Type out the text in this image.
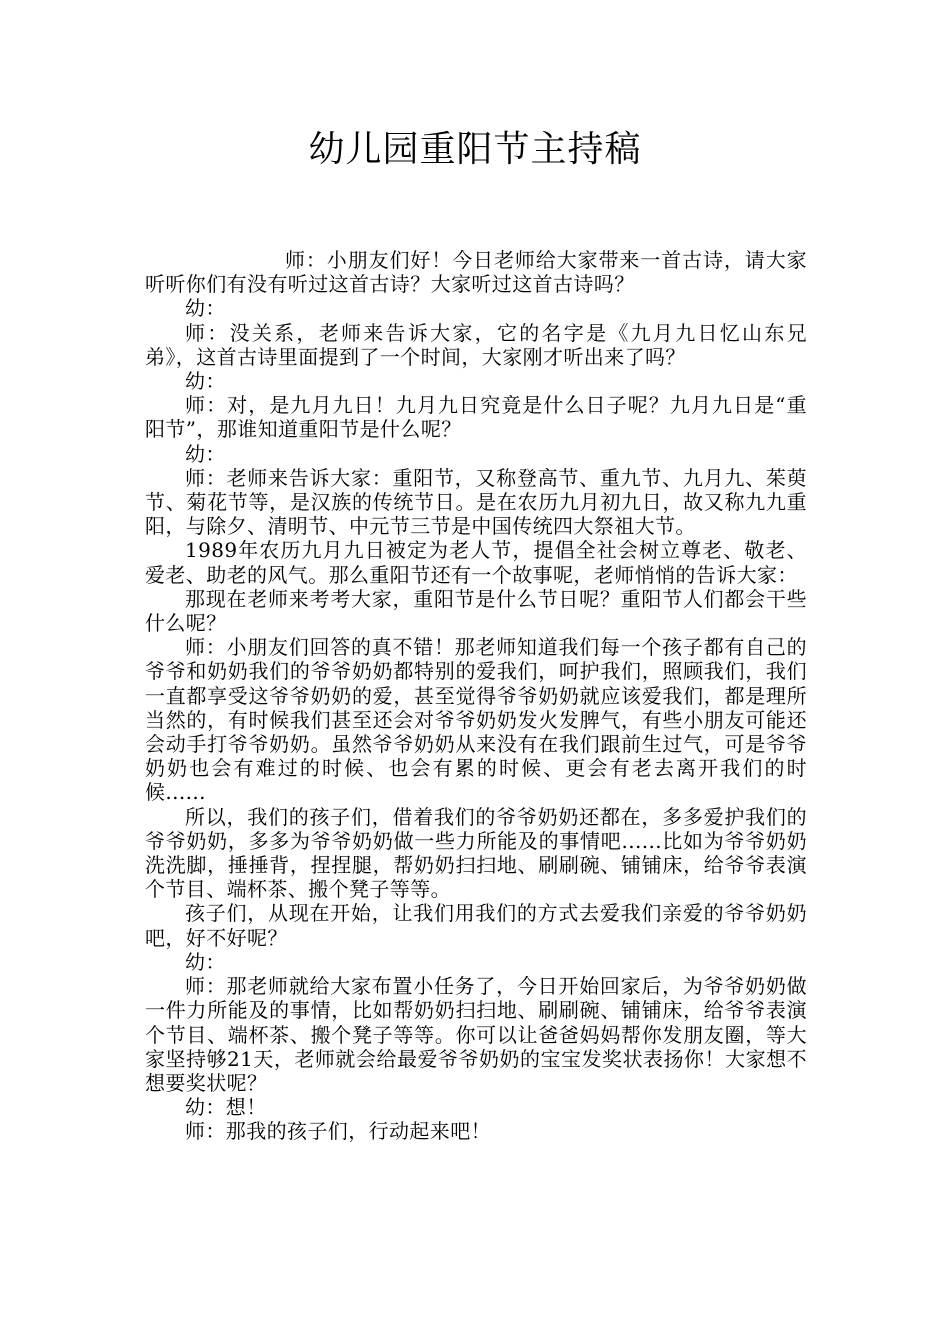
幼儿园重阳节主持稿

师：小朋友们好！今日老师给大家带来一首古诗，请大家听听你们有没有听过这首古诗？大家听过这首古诗吗？

幼：

师：没关系，老师来告诉大家，它的名字是《九月九日忆山东兄弟》，这首古诗里面提到了一个时间，大家刚才听出来了吗？

幼：

师：对，是九月九日！九月九日究竟是什么日子呢？九月九日是“重阳节”，那谁知道重阳节是什么呢？

幼：

师：老师来告诉大家：重阳节，又称登高节、重九节、九月九、茱萸节、菊花节等，是汉族的传统节日。是在农历九月初九日，故又称九九重阳，与除夕、清明节、中元节三节是中国传统四大祭祖大节。

1989年农历九月九日被定为老人节，提倡全社会树立尊老、敬老、爱老、助老的风气。那么重阳节还有一个故事呢，老师悄悄的告诉大家：

那现在老师来考考大家，重阳节是什么节日呢？重阳节人们都会干些什么呢？

师：小朋友们回答的真不错！那老师知道我们每一个孩子都有自己的爷爷和奶奶我们的爷爷奶奶都特别的爱我们，呵护我们，照顾我们，我们一直都享受这爷爷奶奶的爱，甚至觉得爷爷奶奶就应该爱我们，都是理所当然的，有时候我们甚至还会对爷爷奶奶发火发脾气，有些小朋友可能还会动手打爷爷奶奶。虽然爷爷奶奶从来没有在我们跟前生过气，可是爷爷奶奶也会有难过的时候、也会有累的时候、更会有老去离开我们的时候......

所以，我们的孩子们，借着我们的爷爷奶奶还都在，多多爱护我们的爷爷奶奶，多多为爷爷奶奶做一些力所能及的事情吧......比如为爷爷奶奶洗洗脚，捶捶背，捏捏腿，帮奶奶扫扫地、刷刷碗、铺铺床，给爷爷表演个节目、端杯茶、搬个凳子等等。

孩子们，从现在开始，让我们用我们的方式去爱我们亲爱的爷爷奶奶吧，好不好呢？

幼：

师：那老师就给大家布置小任务了，今日开始回家后，为爷爷奶奶做一件力所能及的事情，比如帮奶奶扫扫地、刷刷碗、铺铺床，给爷爷表演个节目、端杯茶、搬个凳子等等。你可以让爸爸妈妈帮你发朋友圈，等大家坚持够21天，老师就会给最爱爷爷奶奶的宝宝发奖状表扬你！大家想不想要奖状呢？

幼：想！

师：那我的孩子们，行动起来吧！
